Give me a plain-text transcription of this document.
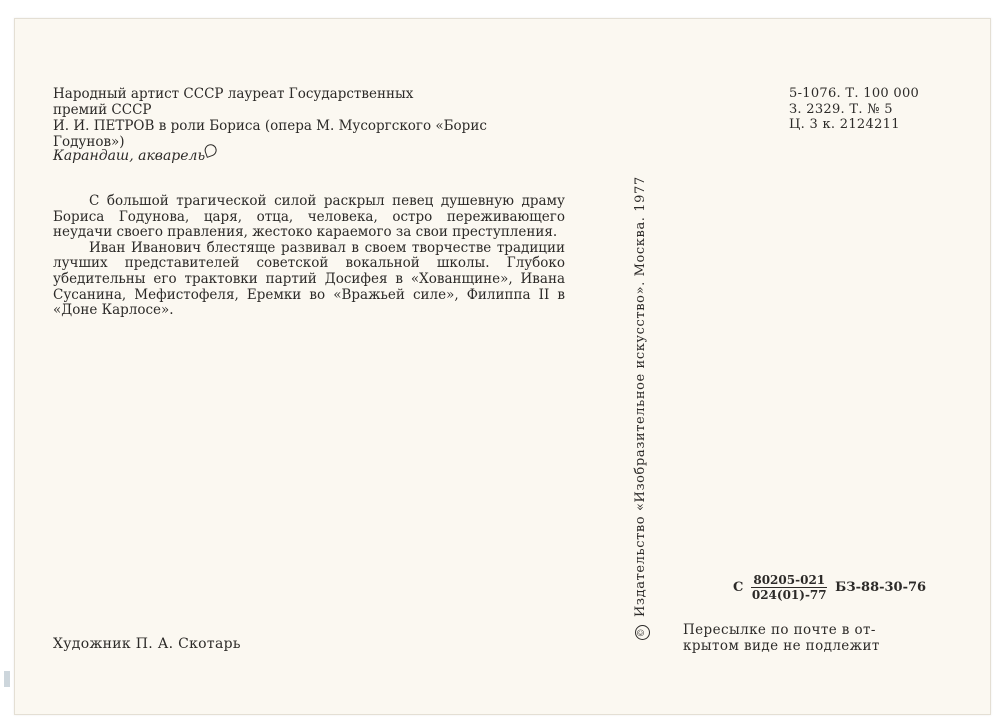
Народный артист СССР лауреат Государственных
премий СССР
И. И. ПЕТРОВ в роли Бориса (опера М. Мусоргского «Борис
Годунов»)
Карандаш, акварель

С большой трагической силой раскрыл певец душевную драму Бориса Годунова, царя, отца, человека, остро переживающего неудачи своего правления, жестоко караемого за свои преступления.

Иван Иванович блестяще развивал в своем творчестве традиции лучших представителей советской вокальной школы. Глубоко убедительны его трактовки партий Досифея в «Хованщине», Ивана Сусанина, Мефистофеля, Еремки во «Вражьей силе», Филиппа II в «Доне Карлосе».

Художник П. А. Скотарь
©Издательство «Изобразительное искусство». Москва. 1977
5-1076. Т. 100 000
З. 2329. Т. № 5
Ц. 3 к. 2124211
С $\frac{80205-021}{024(01)-77} БЗ-88-30-76$
Пересылке по почте в от-
крытом виде не подлежит
